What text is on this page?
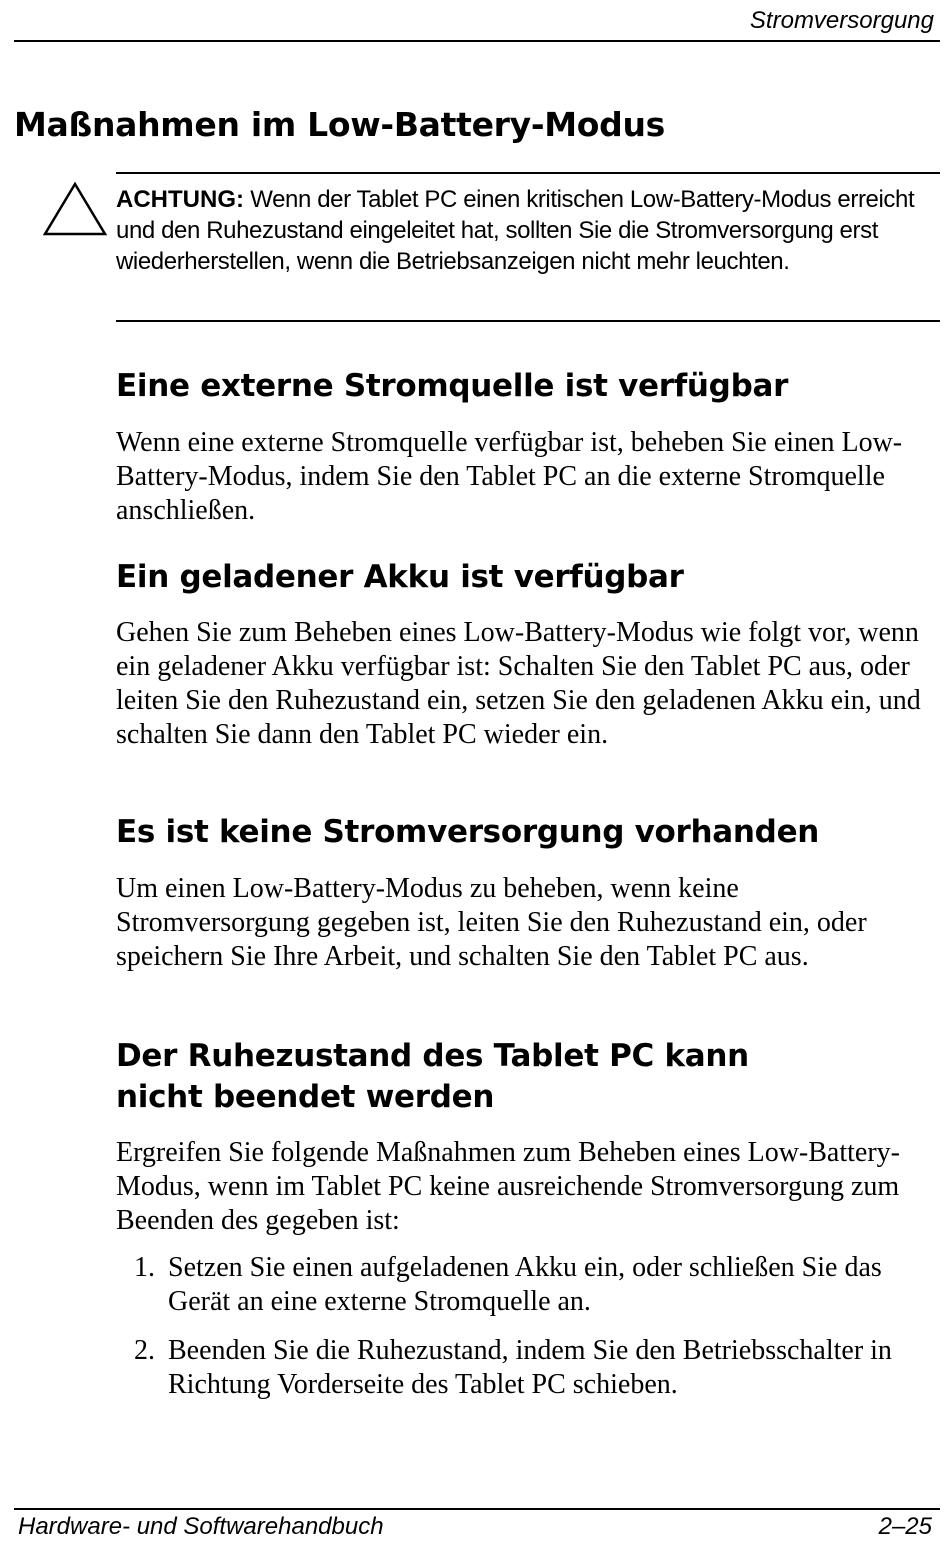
Stromversorgung
Maßnahmen im Low-Battery-Modus

ACHTUNG: Wenn der Tablet PC einen kritischen Low-Battery-Modus erreicht und den Ruhezustand eingeleitet hat, sollten Sie die Stromversorgung erst wiederherstellen, wenn die Betriebsanzeigen nicht mehr leuchten.

Eine externe Stromquelle ist verfügbar

Wenn eine externe Stromquelle verfügbar ist, beheben Sie einen Low-Battery-Modus, indem Sie den Tablet PC an die externe Stromquelle anschließen.

Ein geladener Akku ist verfügbar

Gehen Sie zum Beheben eines Low-Battery-Modus wie folgt vor, wenn ein geladener Akku verfügbar ist: Schalten Sie den Tablet PC aus, oder leiten Sie den Ruhezustand ein, setzen Sie den geladenen Akku ein, und schalten Sie dann den Tablet PC wieder ein.

Es ist keine Stromversorgung vorhanden

Um einen Low-Battery-Modus zu beheben, wenn keine Stromversorgung gegeben ist, leiten Sie den Ruhezustand ein, oder speichern Sie Ihre Arbeit, und schalten Sie den Tablet PC aus.

Der Ruhezustand des Tablet PC kann
nicht beendet werden

Ergreifen Sie folgende Maßnahmen zum Beheben eines Low-Battery-Modus, wenn im Tablet PC keine ausreichende Stromversorgung zum Beenden des gegeben ist:

1. Setzen Sie einen aufgeladenen Akku ein, oder schließen Sie das Gerät an eine externe Stromquelle an.
2. Beenden Sie die Ruhezustand, indem Sie den Betriebsschalter in Richtung Vorderseite des Tablet PC schieben.
Hardware- und Softwarehandbuch	2–25
